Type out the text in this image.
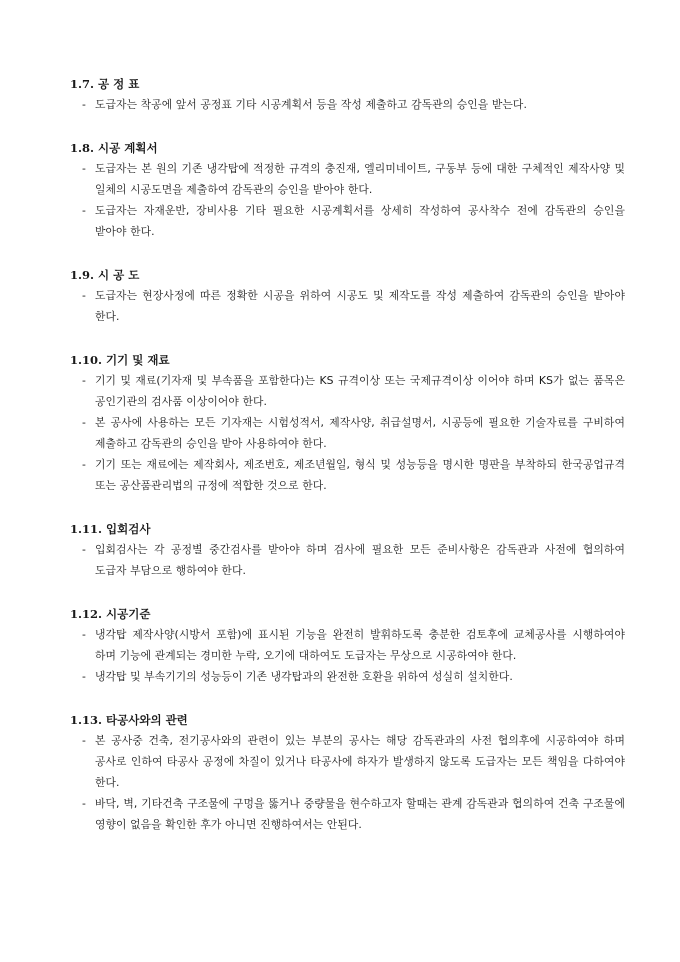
1.7. 공 정 표
- 도급자는 착공에 앞서 공정표 기타 시공계획서 등을 작성 제출하고 감독관의 승인을 받는다.
1.8. 시공 계획서
- 도급자는 본 원의 기존 냉각탑에 적정한 규격의 충진재, 엘리미네이트, 구동부 등에 대한 구체적인 제작사양 및 일체의 시공도면을 제출하여 감독관의 승인을 받아야 한다.
- 도급자는 자재운반, 장비사용 기타 필요한 시공계획서를 상세히 작성하여 공사착수 전에 감독관의 승인을 받아야 한다.
1.9. 시 공 도
- 도급자는 현장사정에 따른 정확한 시공을 위하여 시공도 및 제작도를 작성 제출하여 감독관의 승인을 받아야 한다.
1.10. 기기 및 재료
- 기기 및 재료(기자재 및 부속품을 포함한다)는 KS 규격이상 또는 국제규격이상 이어야 하며 KS가 없는 품목은 공인기관의 검사품 이상이어야 한다.
- 본 공사에 사용하는 모든 기자재는 시험성적서, 제작사양, 취급설명서, 시공등에 필요한 기술자료를 구비하여 제출하고 감독관의 승인을 받아 사용하여야 한다.
- 기기 또는 재료에는 제작회사, 제조번호, 제조년월일, 형식 및 성능등을 명시한 명판을 부착하되 한국공업규격 또는 공산품관리법의 규정에 적합한 것으로 한다.
1.11. 입회검사
- 입회검사는 각 공정별 중간검사를 받아야 하며 검사에 필요한 모든 준비사항은 감독관과 사전에 협의하여 도급자 부담으로 행하여야 한다.
1.12. 시공기준
- 냉각탑 제작사양(시방서 포함)에 표시된 기능을 완전히 발휘하도록 충분한 검토후에 교체공사를 시행하여야 하며 기능에 관계되는 경미한 누락, 오기에 대하여도 도급자는 무상으로 시공하여야 한다.
- 냉각탑 및 부속기기의 성능등이 기존 냉각탑과의 완전한 호환을 위하여 성실히 설치한다.
1.13. 타공사와의 관련
- 본 공사중 건축, 전기공사와의 관련이 있는 부분의 공사는 해당 감독관과의 사전 협의후에 시공하여야 하며 공사로 인하여 타공사 공정에 차질이 있거나 타공사에 하자가 발생하지 않도록 도급자는 모든 책임을 다하여야 한다.
- 바닥, 벽, 기타건축 구조물에 구멍을 뚫거나 중량물을 현수하고자 할때는 관계 감독관과 협의하여 건축 구조물에 영향이 없음을 확인한 후가 아니면 진행하여서는 안된다.
